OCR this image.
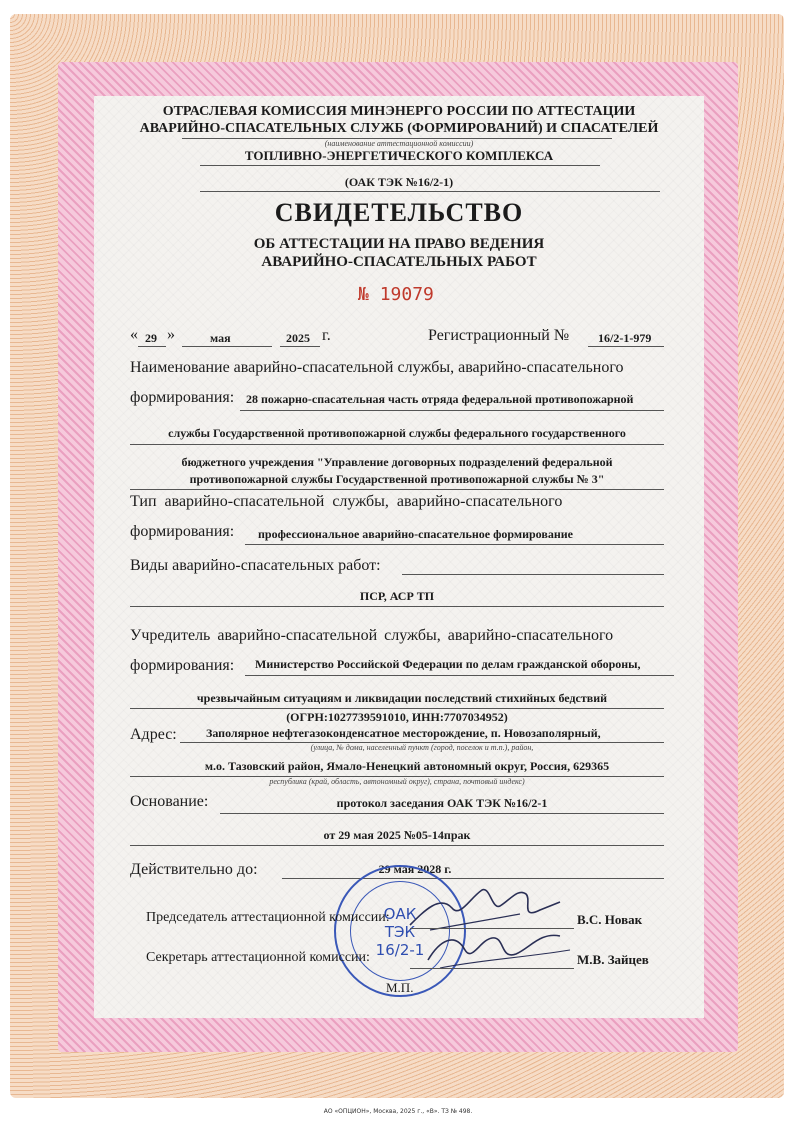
ОТРАСЛЕВАЯ КОМИССИЯ МИНЭНЕРГО РОССИИ ПО АТТЕСТАЦИИ
АВАРИЙНО-СПАСАТЕЛЬНЫХ СЛУЖБ (ФОРМИРОВАНИЙ) И СПАСАТЕЛЕЙ
(наименование аттестационной комиссии)
ТОПЛИВНО-ЭНЕРГЕТИЧЕСКОГО КОМПЛЕКСА
(ОАК ТЭК №16/2-1)
СВИДЕТЕЛЬСТВО
ОБ АТТЕСТАЦИИ НА ПРАВО ВЕДЕНИЯ
АВАРИЙНО-СПАСАТЕЛЬНЫХ РАБОТ
№ 19079
« 29 »	мая	2025 г.	Регистрационный № 16/2-1-979
Наименование аварийно-спасательной службы, аварийно-спасательного
формирования: 28 пожарно-спасательная часть отряда федеральной противопожарной
службы Государственной противопожарной службы федерального государственного
бюджетного учреждения "Управление договорных подразделений федеральной
противопожарной службы Государственной противопожарной службы № 3"
Тип аварийно-спасательной службы, аварийно-спасательного
формирования: профессиональное аварийно-спасательное формирование
Виды аварийно-спасательных работ:
ПСР, АСР ТП
Учредитель аварийно-спасательной службы, аварийно-спасательного
формирования: Министерство Российской Федерации по делам гражданской обороны,
чрезвычайным ситуациям и ликвидации последствий стихийных бедствий
(ОГРН:1027739591010, ИНН:7707034952)
Адрес: Заполярное нефтегазоконденсатное месторождение, п. Новозаполярный,
(улица, № дома, населенный пункт (город, поселок и т.п.), район,
м.о. Тазовский район, Ямало-Ненецкий автономный округ, Россия, 629365
республика (край, область, автономный округ), страна, почтовый индекс)
Основание:	протокол заседания ОАК ТЭК №16/2-1
от 29 мая 2025 №05-14прак
Действительно до:	29 мая 2028 г.
ОАК
ТЭК
16/2-1
Председатель аттестационной комиссии:	В.С. Новак
Секретарь аттестационной комиссии:	М.В. Зайцев
М.П.
АО «ОПЦИОН», Москва, 2025 г., «В». ТЗ № 498.
